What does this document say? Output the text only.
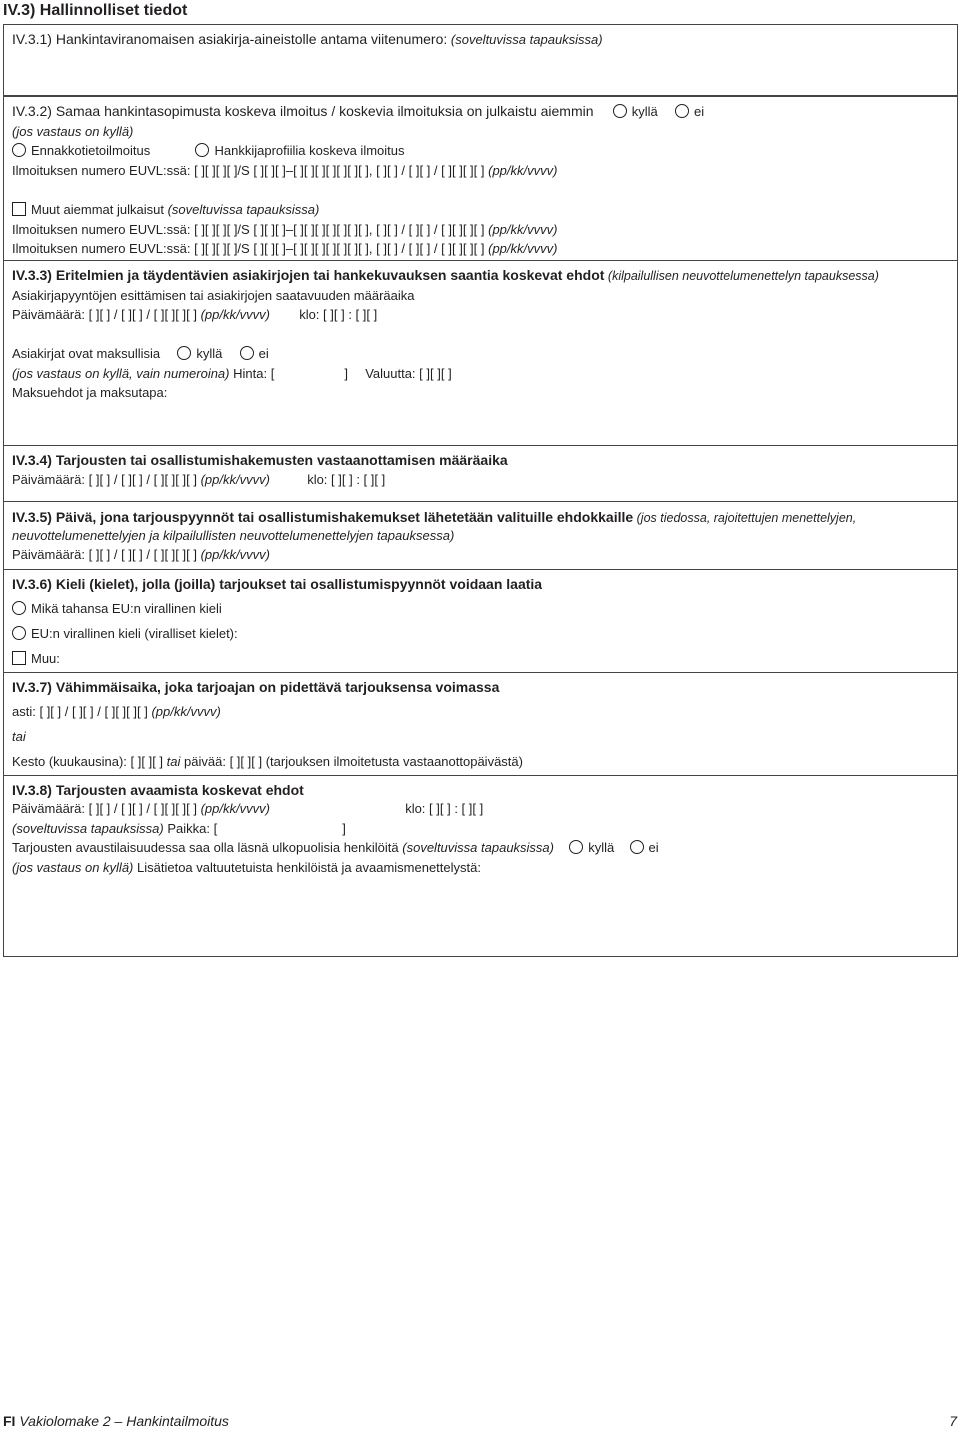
IV.3) Hallinnolliset tiedot
IV.3.1) Hankintaviranomaisen asiakirja-aineistolle antama viitenumero: (soveltuvissa tapauksissa)
IV.3.2) Samaa hankintasopimusta koskeva ilmoitus / koskevia ilmoituksia on julkaistu aiemmin	kyllä	ei
(jos vastaus on kyllä)
Ennakkotietoilmoitus	Hankkijaprofiilia koskeva ilmoitus
Ilmoituksen numero EUVL:ssä: [ ][ ][ ][ ]/S [ ][ ][ ]–[ ][ ][ ][ ][ ][ ][ ], [ ][ ] / [ ][ ] / [ ][ ][ ][ ] (pp/kk/vvvv)
Muut aiemmat julkaisut (soveltuvissa tapauksissa)
Ilmoituksen numero EUVL:ssä: [ ][ ][ ][ ]/S [ ][ ][ ]–[ ][ ][ ][ ][ ][ ][ ], [ ][ ] / [ ][ ] / [ ][ ][ ][ ] (pp/kk/vvvv)
Ilmoituksen numero EUVL:ssä: [ ][ ][ ][ ]/S [ ][ ][ ]–[ ][ ][ ][ ][ ][ ][ ], [ ][ ] / [ ][ ] / [ ][ ][ ][ ] (pp/kk/vvvv)
IV.3.3) Eritelmien ja täydentävien asiakirjojen tai hankekuvauksen saantia koskevat ehdot (kilpailullisen neuvottelumenettelyn tapauksessa)
Asiakirjapyyntöjen esittämisen tai asiakirjojen saatavuuden määräaika
Päivämäärä: [ ][ ] / [ ][ ] / [ ][ ][ ][ ] (pp/kk/vvvv) klo: [ ][ ] : [ ][ ]
Asiakirjat ovat maksullisia	kyllä	ei
(jos vastaus on kyllä, vain numeroina) Hinta: [	] Valuutta: [ ][ ][ ]
Maksuehdot ja maksutapa:
IV.3.4) Tarjousten tai osallistumishakemusten vastaanottamisen määräaika
Päivämäärä: [ ][ ] / [ ][ ] / [ ][ ][ ][ ] (pp/kk/vvvv)	klo: [ ][ ] : [ ][ ]
IV.3.5) Päivä, jona tarjouspyynnöt tai osallistumishakemukset lähetetään valituille ehdokkaille (jos tiedossa, rajoitettujen menettelyjen,
neuvottelumenettelyjen ja kilpailullisten neuvottelumenettelyjen tapauksessa)
Päivämäärä: [ ][ ] / [ ][ ] / [ ][ ][ ][ ] (pp/kk/vvvv)
IV.3.6) Kieli (kielet), jolla (joilla) tarjoukset tai osallistumispyynnöt voidaan laatia
Mikä tahansa EU:n virallinen kieli
EU:n virallinen kieli (viralliset kielet):
Muu:
IV.3.7) Vähimmäisaika, joka tarjoajan on pidettävä tarjouksensa voimassa
asti: [ ][ ] / [ ][ ] / [ ][ ][ ][ ] (pp/kk/vvvv)
tai
Kesto (kuukausina): [ ][ ][ ] tai päivää: [ ][ ][ ] (tarjouksen ilmoitetusta vastaanottopäivästä)
IV.3.8) Tarjousten avaamista koskevat ehdot
Päivämäärä: [ ][ ] / [ ][ ] / [ ][ ][ ][ ] (pp/kk/vvvv)	klo: [ ][ ] : [ ][ ]
(soveltuvissa tapauksissa) Paikka: [	]
Tarjousten avaustilaisuudessa saa olla läsnä ulkopuolisia henkilöitä (soveltuvissa tapauksissa)	kyllä	ei
(jos vastaus on kyllä) Lisätietoa valtuutetuista henkilöistä ja avaamismenettelystä:
FI Vakiolomake 2 – Hankintailmoitus	7
